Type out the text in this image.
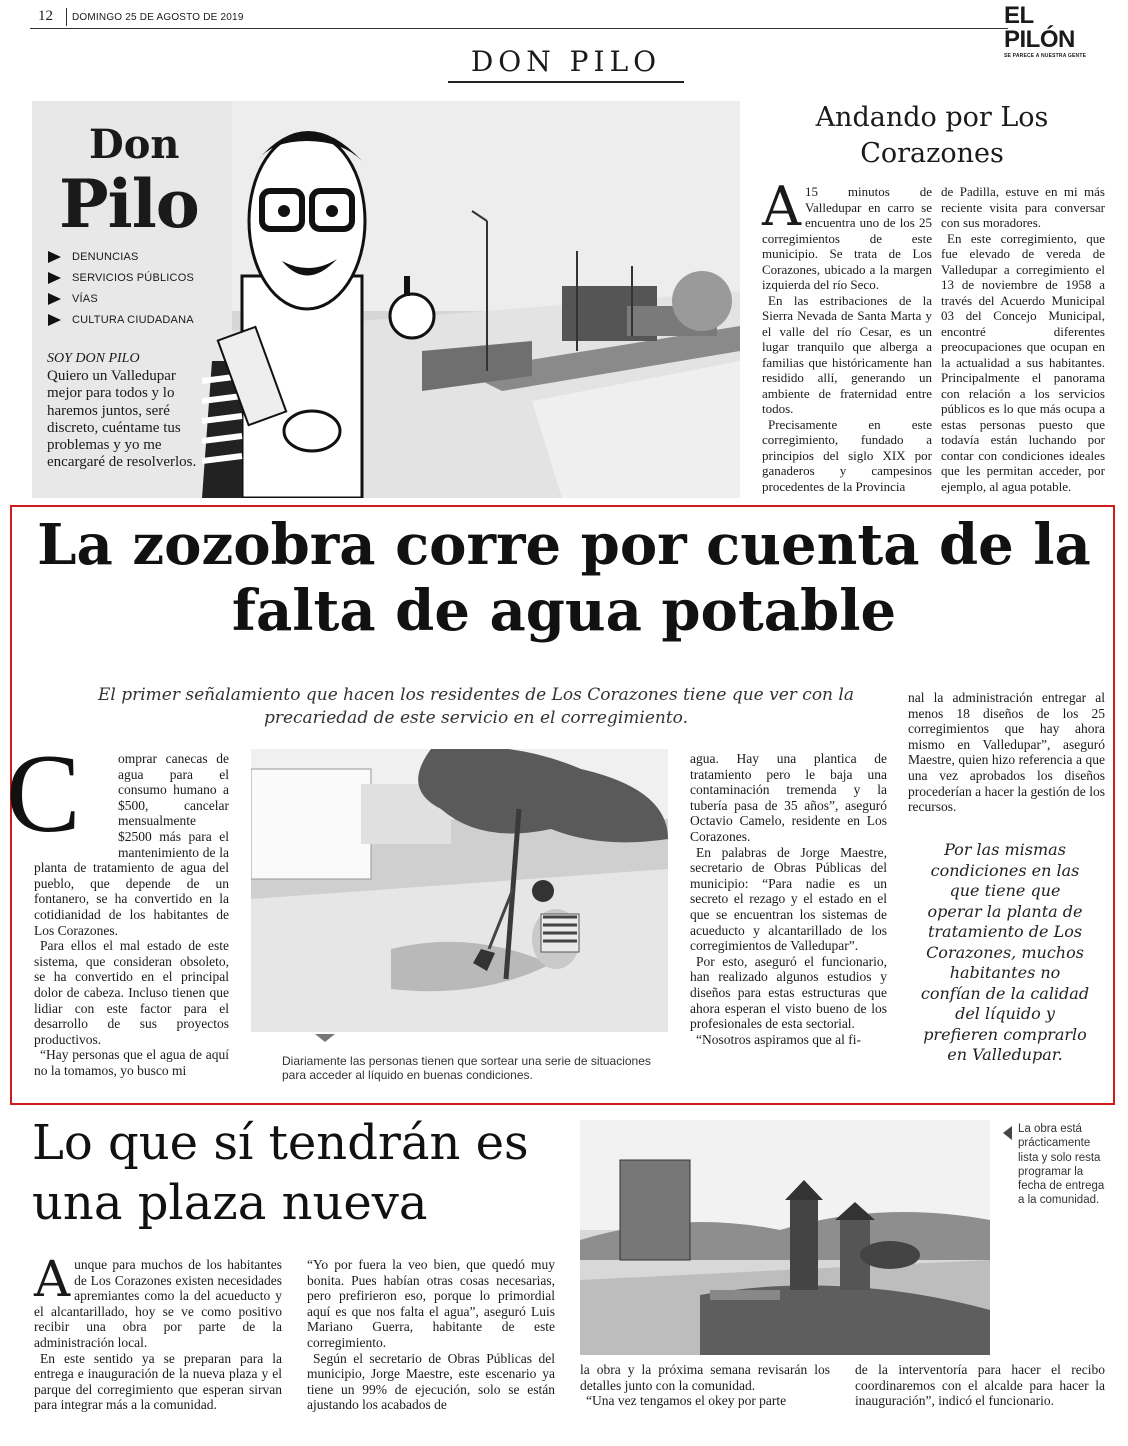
12 DOMINGO 25 DE AGOSTO DE 2019	EL PILÓN
SE PARECE A NUESTRA GENTE
DON PILO
Don
Pilo
DENUNCIAS
SERVICIOS PÚBLICOS
VÍAS
CULTURA CIUDADANA
SOY DON PILO
Quiero un Valledupar mejor para todos y lo haremos juntos, seré discreto, cuéntame tus problemas y yo me encargaré de resolverlos.
Andando por Los Corazones

A 15 minutos de Valledupar en carro se encuentra uno de los 25 corregimientos de este municipio. Se trata de Los Corazones, ubicado a la margen izquierda del río Seco.

En las estribaciones de la Sierra Nevada de Santa Marta y el valle del río Cesar, es un lugar tranquilo que alberga a familias que históricamente han residido allí, generando un ambiente de fraternidad entre todos.

Precisamente en este corregimiento, fundado a principios del siglo XIX por ganaderos y campesinos procedentes de la Provincia

de Padilla, estuve en mi más reciente visita para conversar con sus moradores.

En este corregimiento, que fue elevado de vereda de Valledupar a corregimiento el 13 de noviembre de 1958 a través del Acuerdo Municipal 03 del Concejo Municipal, encontré diferentes preocupaciones que ocupan en la actualidad a sus habitantes. Principalmente el panorama con relación a los servicios públicos es lo que más ocupa a estas personas puesto que todavía están luchando por contar con condiciones ideales que les permitan acceder, por ejemplo, al agua potable.

La zozobra corre por cuenta de la falta de agua potable
El primer señalamiento que hacen los residentes de Los Corazones tiene que ver con la precariedad de este servicio en el corregimiento.
C	omprar canecas de agua para el consumo humano a $500, cancelar mensualmente $2500 más para el mantenimiento de la planta de tratamiento de agua del pueblo, que depende de un fontanero, se ha convertido en la cotidianidad de los habitantes de Los Corazones.

Para ellos el mal estado de este sistema, que consideran obsoleto, se ha convertido en el principal dolor de cabeza. Incluso tienen que lidiar con este factor para el desarrollo de sus proyectos productivos.

“Hay personas que el agua de aquí no la tomamos, yo busco mi

Diariamente las personas tienen que sortear una serie de situaciones para acceder al líquido en buenas condiciones.

agua. Hay una plantica de tratamiento pero le baja una contaminación tremenda y la tubería pasa de 35 años”, aseguró Octavio Camelo, residente en Los Corazones.

En palabras de Jorge Maestre, secretario de Obras Públicas del municipio: “Para nadie es un secreto el rezago y el estado en el que se encuentran los sistemas de acueducto y alcantarillado de los corregimientos de Valledupar”.

Por esto, aseguró el funcionario, han realizado algunos estudios y diseños para estas estructuras que ahora esperan el visto bueno de los profesionales de esta sectorial.

“Nosotros aspiramos que al fi-

nal la administración entregar al menos 18 diseños de los 25 corregimientos que hay ahora mismo en Valledupar”, aseguró Maestre, quien hizo referencia a que una vez aprobados los diseños procederían a hacer la gestión de los recursos.

Por las mismas condiciones en las que tiene que operar la planta de tratamiento de Los Corazones, muchos habitantes no confían de la calidad del líquido y prefieren comprarlo en Valledupar.
Lo que sí tendrán es una plaza nueva
La obra está prácticamente lista y solo resta programar la fecha de entrega a la comunidad.

Aunque para muchos de los habitantes de Los Corazones existen necesidades apremiantes como la del acueducto y el alcantarillado, hoy se ve como positivo recibir una obra por parte de la administración local.

En este sentido ya se preparan para la entrega e inauguración de la nueva plaza y el parque del corregimiento que esperan sirvan para integrar más a la comunidad.

“Yo por fuera la veo bien, que quedó muy bonita. Pues habían otras cosas necesarias, pero prefirieron eso, porque lo primordial aquí es que nos falta el agua”, aseguró Luis Mariano Guerra, habitante de este corregimiento.

Según el secretario de Obras Públicas del municipio, Jorge Maestre, este escenario ya tiene un 99% de ejecución, solo se están ajustando los acabados de

la obra y la próxima semana revisarán los detalles junto con la comunidad.

“Una vez tengamos el okey por parte

de la interventoría para hacer el recibo coordinaremos con el alcalde para hacer la inauguración”, indicó el funcionario.
